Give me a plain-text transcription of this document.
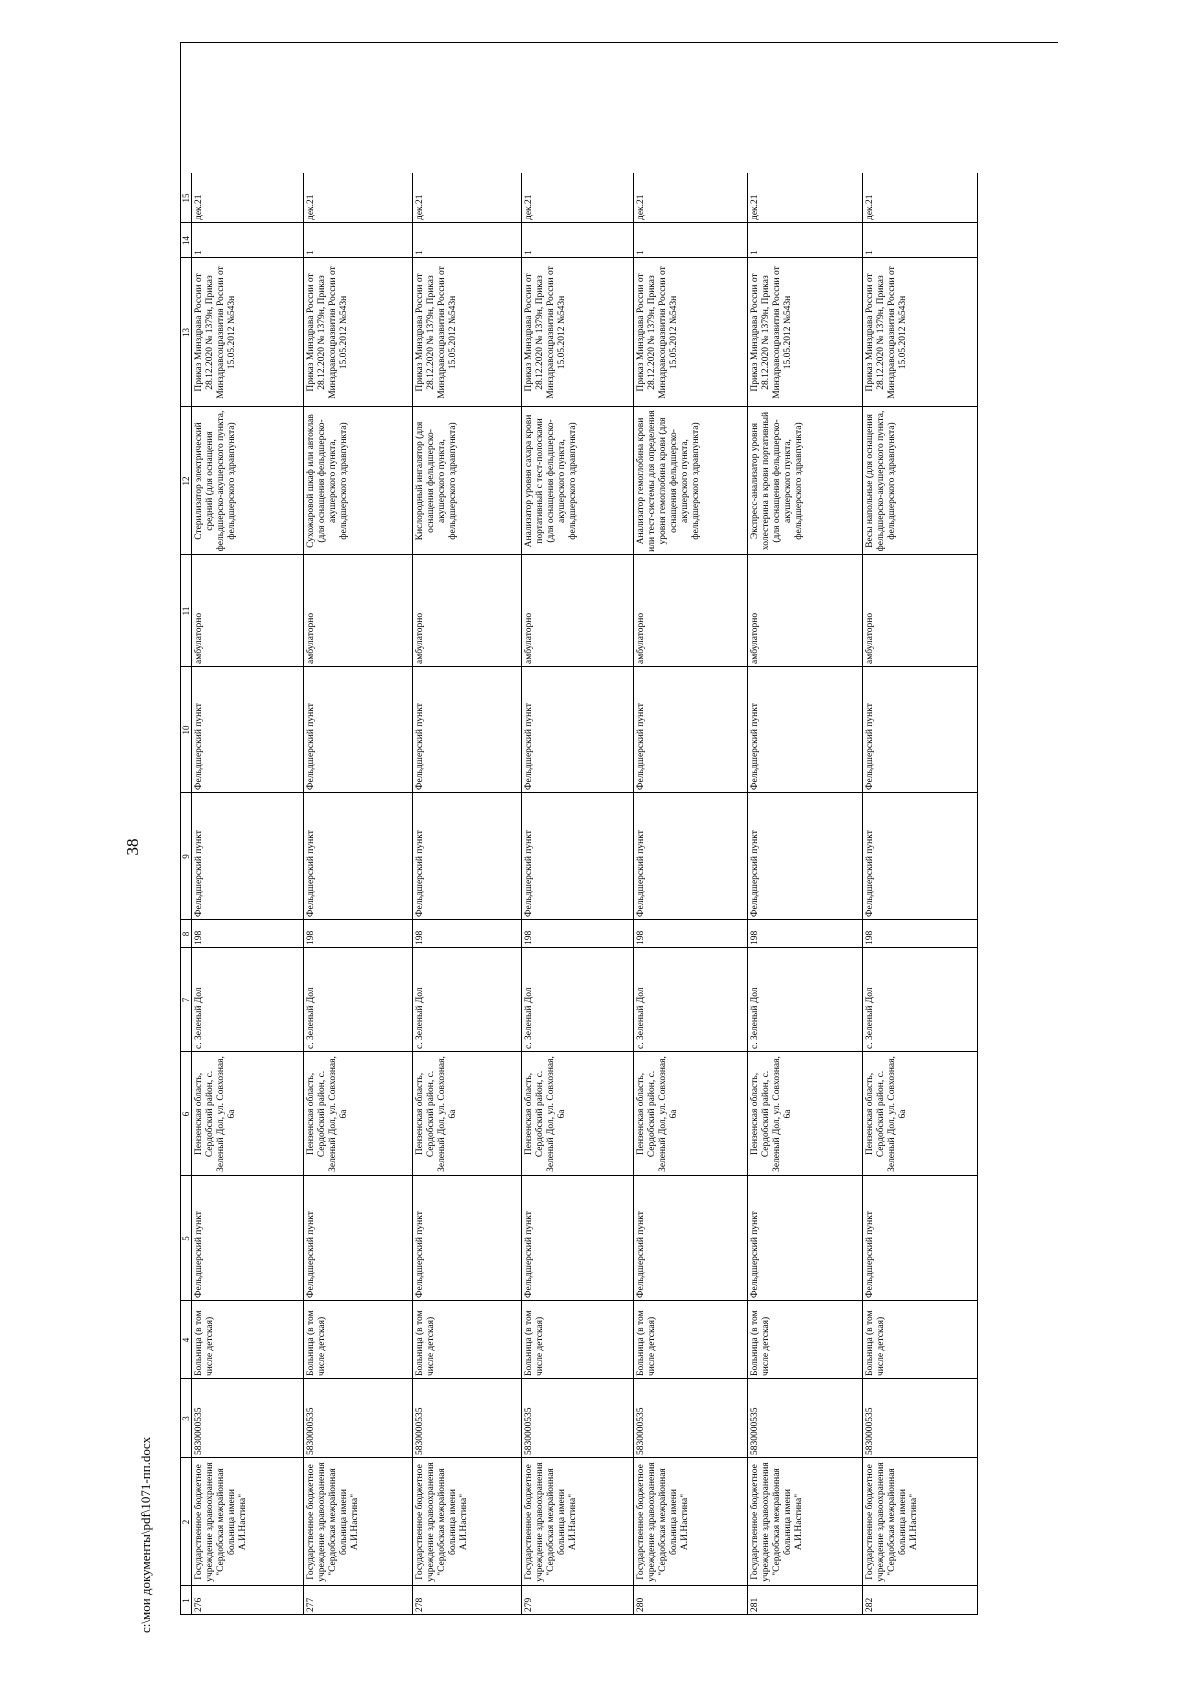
38
1
2
3
4
5
6
7
8
9
10
11
12
13
14
15
276
Государственное бюджетное учреждение здравоохранения "Сердобская межрайонная больница имени А.И.Настина"
5830000535
Больница (в том числе детская)
Фельдшерский пункт
Пензенская область, Сердобский район, с. Зеленый Дол, ул. Совхозная, 6а
с. Зеленый Дол
198
Фельдшерский пункт
Фельдшерский пункт
амбулаторно
Стерилизатор электрический средний (для оснащения фельдшерско-акушерского пункта, фельдшерского здравпункта)
Приказ Минздрава России от 28.12.2020 № 1379н, Приказ Минздравсоцразвития России от 15.05.2012 №543н
1
дек.21
277
Государственное бюджетное учреждение здравоохранения "Сердобская межрайонная больница имени А.И.Настина"
5830000535
Больница (в том числе детская)
Фельдшерский пункт
Пензенская область, Сердобский район, с. Зеленый Дол, ул. Совхозная, 6а
с. Зеленый Дол
198
Фельдшерский пункт
Фельдшерский пункт
амбулаторно
Сухожаровой шкаф или автоклав (для оснащения фельдшерско-акушерского пункта, фельдшерского здравпункта)
Приказ Минздрава России от 28.12.2020 № 1379н, Приказ Минздравсоцразвития России от 15.05.2012 №543н
1
дек.21
278
Государственное бюджетное учреждение здравоохранения "Сердобская межрайонная больница имени А.И.Настина"
5830000535
Больница (в том числе детская)
Фельдшерский пункт
Пензенская область, Сердобский район, с. Зеленый Дол, ул. Совхозная, 6а
с. Зеленый Дол
198
Фельдшерский пункт
Фельдшерский пункт
амбулаторно
Кислородный ингалятор (для оснащения фельдшерско-акушерского пункта, фельдшерского здравпункта)
Приказ Минздрава России от 28.12.2020 № 1379н, Приказ Минздравсоцразвития России от 15.05.2012 №543н
1
дек.21
279
Государственное бюджетное учреждение здравоохранения "Сердобская межрайонная больница имени А.И.Настина"
5830000535
Больница (в том числе детская)
Фельдшерский пункт
Пензенская область, Сердобский район, с. Зеленый Дол, ул. Совхозная, 6а
с. Зеленый Дол
198
Фельдшерский пункт
Фельдшерский пункт
амбулаторно
Анализатор уровня сахара крови портативный с тест-полосками (для оснащения фельдшерско-акушерского пункта, фельдшерского здравпункта)
Приказ Минздрава России от 28.12.2020 № 1379н, Приказ Минздравсоцразвития России от 15.05.2012 №543н
1
дек.21
280
Государственное бюджетное учреждение здравоохранения "Сердобская межрайонная больница имени А.И.Настина"
5830000535
Больница (в том числе детская)
Фельдшерский пункт
Пензенская область, Сердобский район, с. Зеленый Дол, ул. Совхозная, 6а
с. Зеленый Дол
198
Фельдшерский пункт
Фельдшерский пункт
амбулаторно
Анализатор гемоглобина крови или тест-системы для определения уровня гемоглобина крови (для оснащения фельдшерско-акушерского пункта, фельдшерского здравпункта)
Приказ Минздрава России от 28.12.2020 № 1379н, Приказ Минздравсоцразвития России от 15.05.2012 №543н
1
дек.21
281
Государственное бюджетное учреждение здравоохранения "Сердобская межрайонная больница имени А.И.Настина"
5830000535
Больница (в том числе детская)
Фельдшерский пункт
Пензенская область, Сердобский район, с. Зеленый Дол, ул. Совхозная, 6а
с. Зеленый Дол
198
Фельдшерский пункт
Фельдшерский пункт
амбулаторно
Экспресс-анализатор уровня холестерина в крови портативный (для оснащения фельдшерско-акушерского пункта, фельдшерского здравпункта)
Приказ Минздрава России от 28.12.2020 № 1379н, Приказ Минздравсоцразвития России от 15.05.2012 №543н
1
дек.21
282
Государственное бюджетное учреждение здравоохранения "Сердобская межрайонная больница имени А.И.Настина"
5830000535
Больница (в том числе детская)
Фельдшерский пункт
Пензенская область, Сердобский район, с. Зеленый Дол, ул. Совхозная, 6а
с. Зеленый Дол
198
Фельдшерский пункт
Фельдшерский пункт
амбулаторно
Весы напольные (для оснащения фельдшерско-акушерского пункта, фельдшерского здравпункта)
Приказ Минздрава России от 28.12.2020 № 1379н, Приказ Минздравсоцразвития России от 15.05.2012 №543н
1
дек.21
c:\мои документы\pdf\1071-пп.docx
